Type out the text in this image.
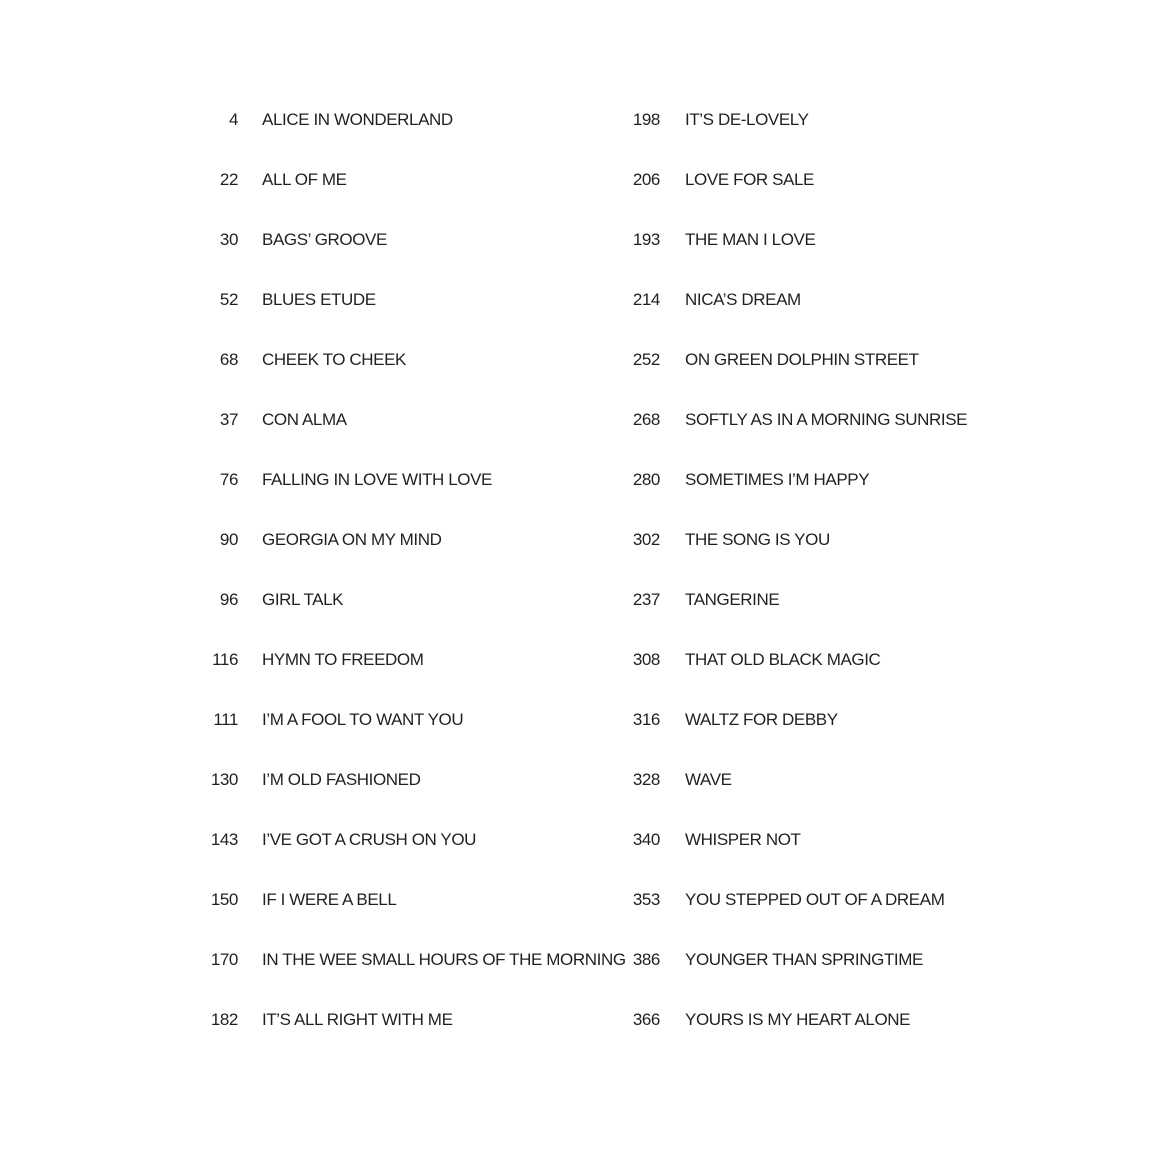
4 ALICE IN WONDERLAND
22 ALL OF ME
30 BAGS’ GROOVE
52 BLUES ETUDE
68 CHEEK TO CHEEK
37 CON ALMA
76 FALLING IN LOVE WITH LOVE
90 GEORGIA ON MY MIND
96 GIRL TALK
116 HYMN TO FREEDOM
111 I’M A FOOL TO WANT YOU
130 I’M OLD FASHIONED
143 I’VE GOT A CRUSH ON YOU
150 IF I WERE A BELL
170 IN THE WEE SMALL HOURS OF THE MORNING
182 IT’S ALL RIGHT WITH ME
198 IT’S DE-LOVELY
206 LOVE FOR SALE
193 THE MAN I LOVE
214 NICA’S DREAM
252 ON GREEN DOLPHIN STREET
268 SOFTLY AS IN A MORNING SUNRISE
280 SOMETIMES I’M HAPPY
302 THE SONG IS YOU
237 TANGERINE
308 THAT OLD BLACK MAGIC
316 WALTZ FOR DEBBY
328 WAVE
340 WHISPER NOT
353 YOU STEPPED OUT OF A DREAM
386 YOUNGER THAN SPRINGTIME
366 YOURS IS MY HEART ALONE
